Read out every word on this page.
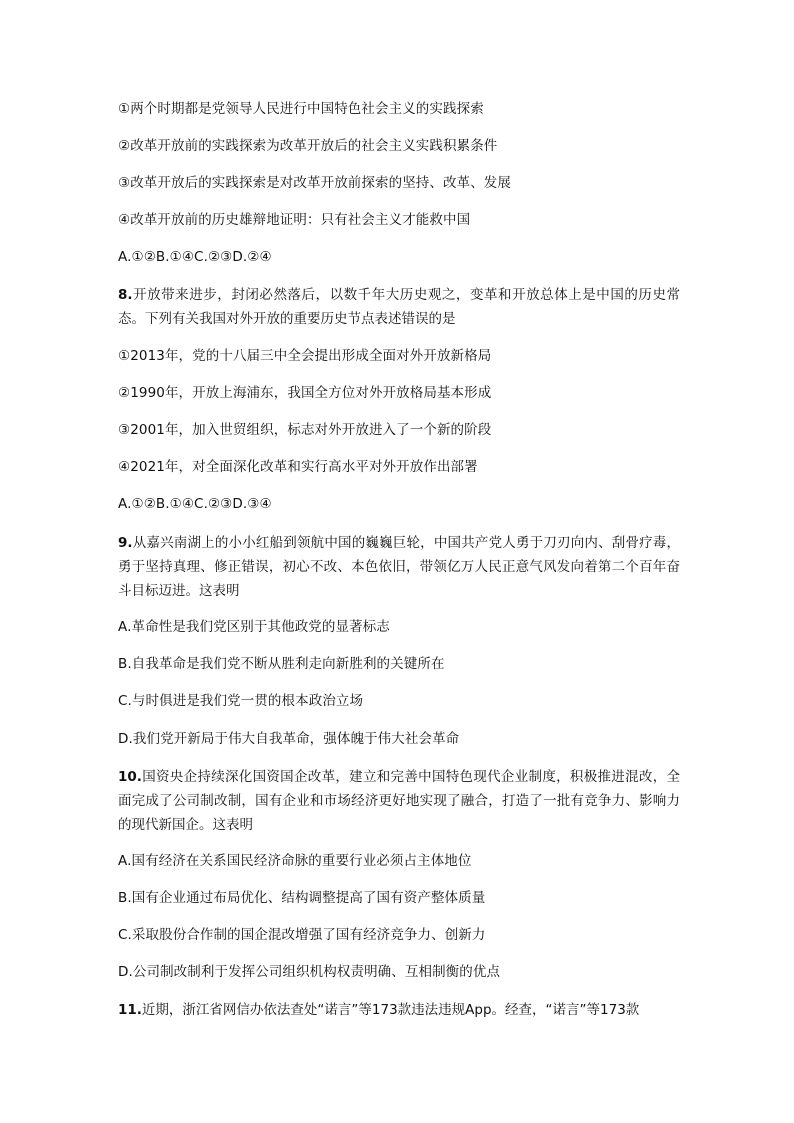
①两个时期都是党领导人民进行中国特色社会主义的实践探索
②改革开放前的实践探索为改革开放后的社会主义实践积累条件
③改革开放后的实践探索是对改革开放前探索的坚持、改革、发展
④改革开放前的历史雄辩地证明：只有社会主义才能救中国
A.①②B.①④C.②③D.②④
8.开放带来进步，封闭必然落后，以数千年大历史观之，变革和开放总体上是中国的历史常态。下列有关我国对外开放的重要历史节点表述错误的是
①2013年，党的十八届三中全会提出形成全面对外开放新格局
②1990年，开放上海浦东，我国全方位对外开放格局基本形成
③2001年，加入世贸组织，标志对外开放进入了一个新的阶段
④2021年，对全面深化改革和实行高水平对外开放作出部署
A.①②B.①④C.②③D.③④
9.从嘉兴南湖上的小小红船到领航中国的巍巍巨轮，中国共产党人勇于刀刃向内、刮骨疗毒，勇于坚持真理、修正错误，初心不改、本色依旧，带领亿万人民正意气风发向着第二个百年奋斗目标迈进。这表明
A.革命性是我们党区别于其他政党的显著标志
B.自我革命是我们党不断从胜利走向新胜利的关键所在
C.与时俱进是我们党一贯的根本政治立场
D.我们党开新局于伟大自我革命，强体魄于伟大社会革命
10.国资央企持续深化国资国企改革，建立和完善中国特色现代企业制度，积极推进混改，全面完成了公司制改制，国有企业和市场经济更好地实现了融合，打造了一批有竞争力、影响力的现代新国企。这表明
A.国有经济在关系国民经济命脉的重要行业必须占主体地位
B.国有企业通过布局优化、结构调整提高了国有资产整体质量
C.采取股份合作制的国企混改增强了国有经济竞争力、创新力
D.公司制改制利于发挥公司组织机构权责明确、互相制衡的优点
11.近期，浙江省网信办依法查处“诺言”等173款违法违规App。经查，“诺言”等173款
